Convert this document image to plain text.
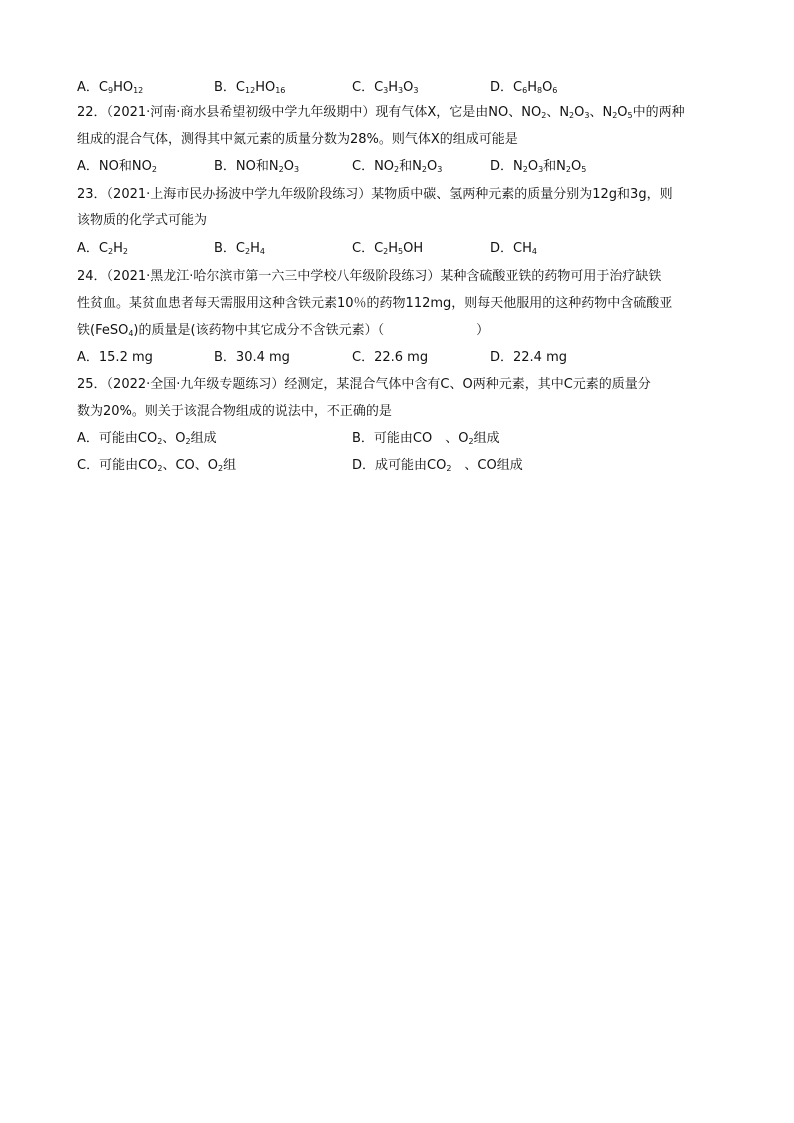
A．$C_9HO_{12}$	B．$C_{12}HO_{16}$	C．$C_3H_3O_3$	D．$C_6H_8O_6$
22．（2021·河南·商水县希望初级中学九年级期中）现有气体X，它是由NO、$NO_2$、$N_2O_3$、$N_2O_5$中的两种
组成的混合气体，测得其中氮元素的质量分数为28%。则气体X的组成可能是
A．NO和$NO_2$	B．NO和$N_2O_3$	C．$NO_2$和$N_2O_3$	D．$N_2O_3$和$N_2O_5$
23．（2021·上海市民办扬波中学九年级阶段练习）某物质中碳、氢两种元素的质量分别为12g和3g，则
该物质的化学式可能为
A．$C_2H_2$	B．$C_2H_4$	C．$C_2H_5OH$	D．$CH_4$
24．（2021·黑龙江·哈尔滨市第一六三中学校八年级阶段练习）某种含硫酸亚铁的药物可用于治疗缺铁
性贫血。某贫血患者每天需服用这种含铁元素10％的药物112mg，则每天他服用的这种药物中含硫酸亚
铁(FeSO$_4$)的质量是(该药物中其它成分不含铁元素）（	）
A．15.2 mg	B．30.4 mg	C．22.6 mg	D．22.4 mg
25．（2022·全国·九年级专题练习）经测定，某混合气体中含有C、O两种元素，其中C元素的质量分
数为20%。则关于该混合物组成的说法中，不正确的是
A．可能由$CO_2$、$O_2$组成	B．可能由CO　、$O_2$组成
C．可能由$CO_2$、CO、$O_2$组	D．成可能由$CO_2$　、CO组成
